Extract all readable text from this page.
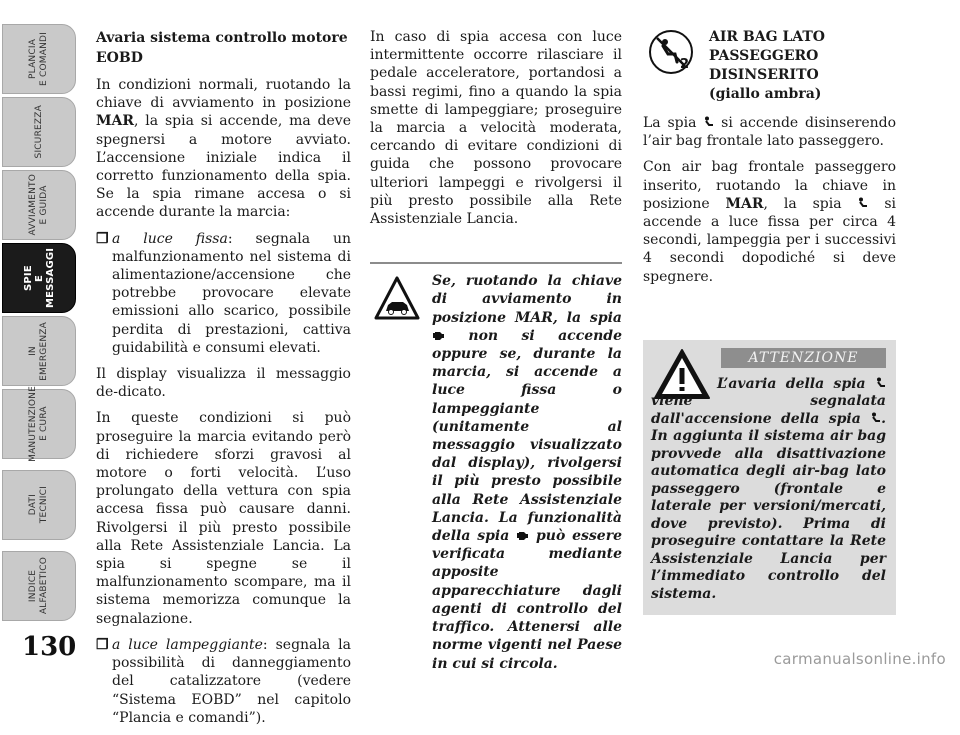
PLANCIA
E COMANDI
SICUREZZA
AVVIAMENTO
E GUIDA
SPIE
E MESSAGGI
IN
EMERGENZA
MANUTENZIONE
E CURA
DATI
TECNICI
INDICE
ALFABETICO
130
Avaria sistema controllo motore EOBD

In condizioni normali, ruotando la chiave di avviamento in posizione MAR, la spia si accende, ma deve spegnersi a motore avviato. L’accensione iniziale indica il corretto funzionamento della spia. Se la spia rimane accesa o si accende durante la marcia:

❒ a luce fissa: segnala un malfunzionamento nel sistema di alimentazione/accensione che potrebbe provocare elevate emissioni allo scarico, possibile perdita di prestazioni, cattiva guidabilità e consumi elevati.

Il display visualizza il messaggio de-dicato.

In queste condizioni si può proseguire la marcia evitando però di richiedere sforzi gravosi al motore o forti velocità. L’uso prolungato della vettura con spia accesa fissa può causare danni. Rivolgersi il più presto possibile alla Rete Assistenziale Lancia. La spia si spegne se il malfunzionamento scompare, ma il sistema memorizza comunque la segnalazione.

❒ a luce lampeggiante: segnala la possibilità di danneggiamento del catalizzatore (vedere “Sistema EOBD” nel capitolo “Plancia e comandi”).

In caso di spia accesa con luce intermittente occorre rilasciare il pedale acceleratore, portandosi a bassi regimi, fino a quando la spia smette di lampeggiare; proseguire la marcia a velocità moderata, cercando di evitare condizioni di guida che possono provocare ulteriori lampeggi e rivolgersi il più presto possibile alla Rete Assistenziale Lancia.

Se, ruotando la chiave di avviamento in posizione MAR, la spia  non si accende oppure se, durante la marcia, si accende a luce fissa o lampeggiante (unitamente al messaggio visualizzato dal display), rivolgersi il più presto possibile alla Rete Assistenziale Lancia. La funzionalità della spia  può essere verificata mediante apposite apparecchiature dagli agenti di controllo del traffico. Attenersi alle norme vigenti nel Paese in cui si circola.
2
AIR BAG LATO
PASSEGGERO
DISINSERITO
(giallo ambra)

La spia  si accende disinserendo l’air bag frontale lato passeggero.

Con air bag frontale passeggero inserito, ruotando la chiave in posizione MAR, la spia  si accende a luce fissa per circa 4 secondi, lampeggia per i successivi 4 secondi dopodiché si deve spegnere.

ATTENZIONE
L’avaria della spia  viene segnalata dall'accensione della spia . In aggiunta il sistema air bag provvede alla disattivazione automatica degli air-bag lato passeggero (frontale e laterale per versioni/mercati, dove previsto). Prima di proseguire contattare la Rete Assistenziale Lancia per l’immediato controllo del sistema.
carmanualsonline.info
